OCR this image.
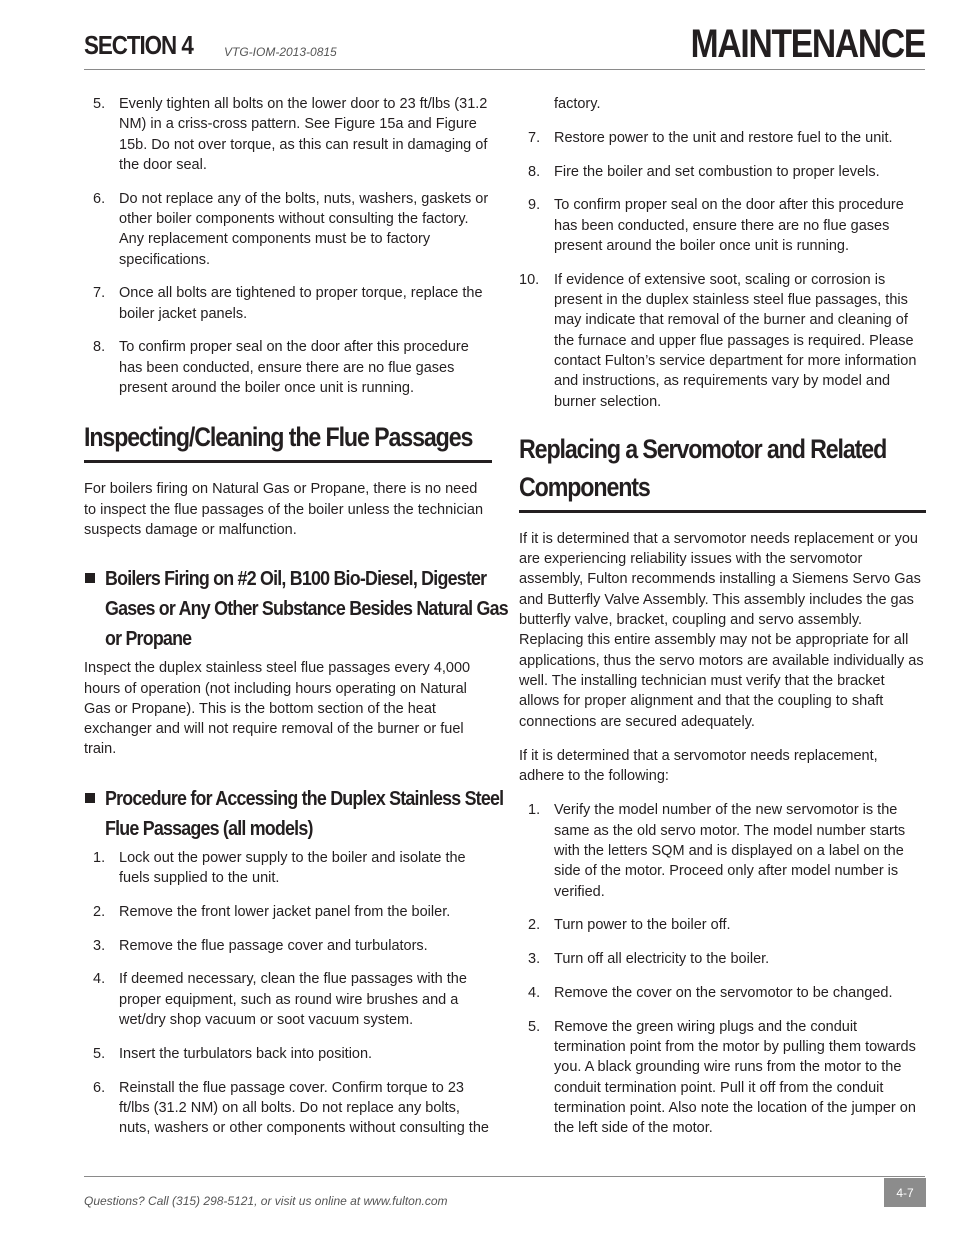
SECTION 4	VTG-IOM-2013-0815	MAINTENANCE
5. Evenly tighten all bolts on the lower door to 23 ft/lbs (31.2 NM) in a criss-cross pattern. See Figure 15a and Figure 15b. Do not over torque, as this can result in damaging of the door seal.
6. Do not replace any of the bolts, nuts, washers, gaskets or other boiler components without consulting the factory. Any replacement components must be to factory specifications.
7. Once all bolts are tightened to proper torque, replace the boiler jacket panels.
8. To confirm proper seal on the door after this procedure has been conducted, ensure there are no flue gases present around the boiler once unit is running.
Inspecting/Cleaning the Flue Passages

For boilers firing on Natural Gas or Propane, there is no need to inspect the flue passages of the boiler unless the technician suspects damage or malfunction.

Boilers Firing on #2 Oil, B100 Bio-Diesel, Digester Gases or Any Other Substance Besides Natural Gas or Propane

Inspect the duplex stainless steel flue passages every 4,000 hours of operation (not including hours operating on Natural Gas or Propane). This is the bottom section of the heat exchanger and will not require removal of the burner or fuel train.

Procedure for Accessing the Duplex Stainless Steel Flue Passages (all models)
1. Lock out the power supply to the boiler and isolate the fuels supplied to the unit.
2. Remove the front lower jacket panel from the boiler.
3. Remove the flue passage cover and turbulators.
4. If deemed necessary, clean the flue passages with the proper equipment, such as round wire brushes and a wet/dry shop vacuum or soot vacuum system.
5. Insert the turbulators back into position.
6. Reinstall the flue passage cover. Confirm torque to 23 ft/lbs (31.2 NM) on all bolts. Do not replace any bolts, nuts, washers or other components without consulting the
factory.
7. Restore power to the unit and restore fuel to the unit.
8. Fire the boiler and set combustion to proper levels.
9. To confirm proper seal on the door after this procedure has been conducted, ensure there are no flue gases present around the boiler once unit is running.
10.	If evidence of extensive soot, scaling or corrosion is present in the duplex stainless steel flue passages, this may indicate that removal of the burner and cleaning of the furnace and upper flue passages is required. Please contact Fulton’s service department for more information and instructions, as requirements vary by model and burner selection.
Replacing a Servomotor and Related
Components

If it is determined that a servomotor needs replacement or you are experiencing reliability issues with the servomotor assembly, Fulton recommends installing a Siemens Servo Gas and Butterfly Valve Assembly. This assembly includes the gas butterfly valve, bracket, coupling and servo assembly. Replacing this entire assembly may not be appropriate for all applications, thus the servo motors are available individually as well. The installing technician must verify that the bracket allows for proper alignment and that the coupling to shaft connections are secured adequately.

If it is determined that a servomotor needs replacement, adhere to the following:

1. Verify the model number of the new servomotor is the same as the old servo motor. The model number starts with the letters SQM and is displayed on a label on the side of the motor. Proceed only after model number is verified.
2. Turn power to the boiler off.
3. Turn off all electricity to the boiler.
4. Remove the cover on the servomotor to be changed.
5. Remove the green wiring plugs and the conduit termination point from the motor by pulling them towards you. A black grounding wire runs from the motor to the conduit termination point. Pull it off from the conduit termination point. Also note the location of the jumper on the left side of the motor.
Questions? Call (315) 298-5121, or visit us online at www.fulton.com
4-7
